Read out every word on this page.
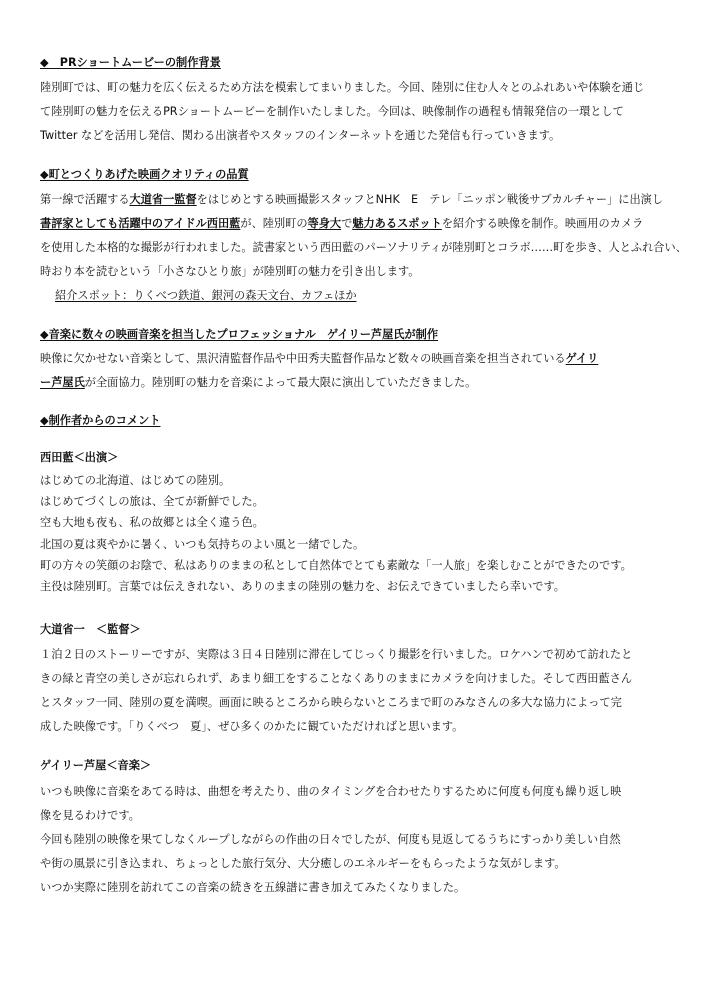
◆　PRショートムービーの制作背景
陸別町では、町の魅力を広く伝えるため方法を模索してまいりました。今回、陸別に住む人々とのふれあいや体験を通じ
て陸別町の魅力を伝えるPRショートムービーを制作いたしました。今回は、映像制作の過程も情報発信の一環として
Twitter などを活用し発信、関わる出演者やスタッフのインターネットを通じた発信も行っていきます。
◆町とつくりあげた映画クオリティの品質
第一線で活躍する大道省一監督をはじめとする映画撮影スタッフとNHK　E　テレ「ニッポン戦後サブカルチャー」に出演し
書評家としても活躍中のアイドル西田藍が、陸別町の等身大で魅力あるスポットを紹介する映像を制作。映画用のカメラ
を使用した本格的な撮影が行われました。読書家という西田藍のパーソナリティが陸別町とコラボ……町を歩き、人とふれ合い、
時おり本を読むという「小さなひとり旅」が陸別町の魅力を引き出します。
紹介スポット：りくべつ鉄道、銀河の森天文台、カフェほか
◆音楽に数々の映画音楽を担当したプロフェッショナル　ゲイリー芦屋氏が制作
映像に欠かせない音楽として、黒沢清監督作品や中田秀夫監督作品など数々の映画音楽を担当されているゲイリ
ー芦屋氏が全面協力。陸別町の魅力を音楽によって最大限に演出していただきました。
◆制作者からのコメント
西田藍＜出演＞
はじめての北海道、はじめての陸別。
はじめてづくしの旅は、全てが新鮮でした。
空も大地も夜も、私の故郷とは全く違う色。
北国の夏は爽やかに暑く、いつも気持ちのよい風と一緒でした。
町の方々の笑顔のお陰で、私はありのままの私として自然体でとても素敵な「一人旅」を楽しむことができたのです。
主役は陸別町。言葉では伝えきれない、ありのままの陸別の魅力を、お伝えできていましたら幸いです。
大道省一　＜監督＞
１泊２日のストーリーですが、実際は３日４日陸別に滞在してじっくり撮影を行いました。ロケハンで初めて訪れたと
きの緑と青空の美しさが忘れられず、あまり細工をすることなくありのままにカメラを向けました。そして西田藍さん
とスタッフ一同、陸別の夏を満喫。画面に映るところから映らないところまで町のみなさんの多大な協力によって完
成した映像です。「りくべつ　夏」、ぜひ多くのかたに観ていただければと思います。
ゲイリー芦屋＜音楽＞
いつも映像に音楽をあてる時は、曲想を考えたり、曲のタイミングを合わせたりするために何度も何度も繰り返し映
像を見るわけです。
今回も陸別の映像を果てしなくループしながらの作曲の日々でしたが、何度も見返してるうちにすっかり美しい自然
や街の風景に引き込まれ、ちょっとした旅行気分、大分癒しのエネルギーをもらったような気がします。
いつか実際に陸別を訪れてこの音楽の続きを五線譜に書き加えてみたくなりました。
